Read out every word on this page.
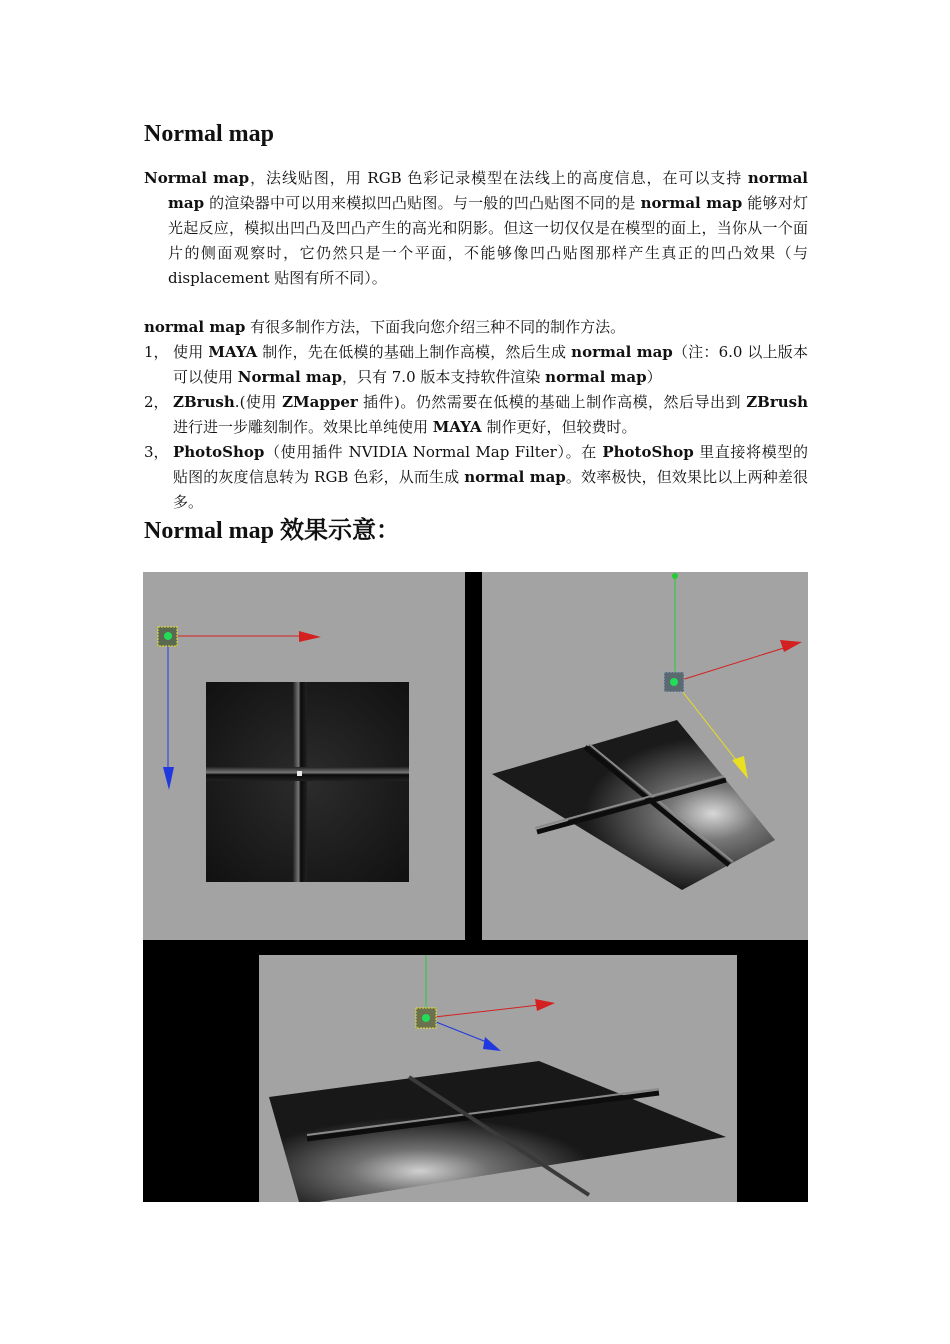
Normal map
Normal map，法线贴图，用 RGB 色彩记录模型在法线上的高度信息，在可以支持 normal map 的渲染器中可以用来模拟凹凸贴图。与一般的凹凸贴图不同的是 normal map 能够对灯光起反应，模拟出凹凸及凹凸产生的高光和阴影。但这一切仅仅是在模型的面上，当你从一个面片的侧面观察时，它仍然只是一个平面，不能够像凹凸贴图那样产生真正的凹凸效果（与 displacement 贴图有所不同）。
normal map 有很多制作方法，下面我向您介绍三种不同的制作方法。
1， 使用 MAYA 制作，先在低模的基础上制作高模，然后生成 normal map（注：6.0 以上版本可以使用 Normal map，只有 7.0 版本支持软件渲染 normal map）
2， ZBrush.(使用 ZMapper 插件)。仍然需要在低模的基础上制作高模，然后导出到 ZBrush 进行进一步雕刻制作。效果比单纯使用 MAYA 制作更好，但较费时。
3， PhotoShop（使用插件 NVIDIA Normal Map Filter）。在 PhotoShop 里直接将模型的贴图的灰度信息转为 RGB 色彩，从而生成 normal map。效率极快，但效果比以上两种差很多。
Normal map 效果示意：
